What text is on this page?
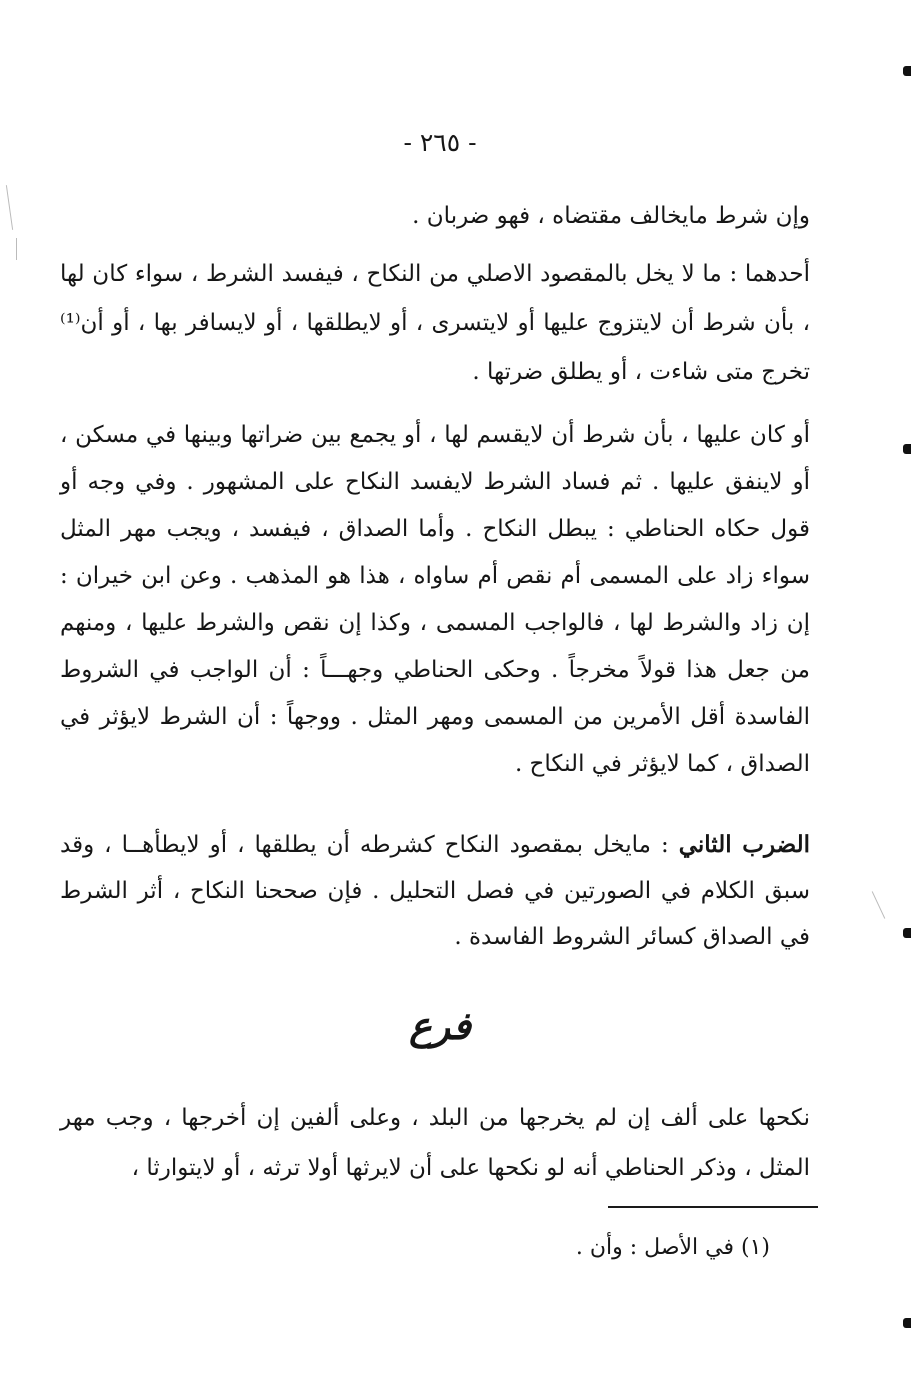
- ٢٦٥ -

وإن شرط مايخالف مقتضاه ، فهو ضربان .

أحدهما : ما لا يخل بالمقصود الاصلي من النكاح ، فيفسد الشرط ، سواء كان لها ، بأن شرط أن لايتزوج عليها أو لايتسرى ، أو لايطلقها ، أو لايسافر بها ، أو أن⁽¹⁾ تخرج متى شاءت ، أو يطلق ضرتها .

أو كان عليها ، بأن شرط أن لايقسم لها ، أو يجمع بين ضراتها وبينها في مسكن ، أو لاينفق عليها . ثم فساد الشرط لايفسد النكاح على المشهور . وفي وجه أو قول حكاه الحناطي : يبطل النكاح . وأما الصداق ، فيفسد ، ويجب مهر المثل سواء زاد على المسمى أم نقص أم ساواه ، هذا هو المذهب . وعن ابن خيران : إن زاد والشرط لها ، فالواجب المسمى ، وكذا إن نقص والشرط عليها ، ومنهم من جعل هذا قولاً مخرجاً . وحكى الحناطي وجهـــاً : أن الواجب في الشروط الفاسدة أقل الأمرين من المسمى ومهر المثل . ووجهاً : أن الشرط لايؤثر في الصداق ، كما لايؤثر في النكاح .

الضرب الثاني : مايخل بمقصود النكاح كشرطه أن يطلقها ، أو لايطأهــا ، وقد سبق الكلام في الصورتين في فصل التحليل . فإن صححنا النكاح ، أثر الشرط في الصداق كسائر الشروط الفاسدة .

فرع

نكحها على ألف إن لم يخرجها من البلد ، وعلى ألفين إن أخرجها ، وجب مهر المثل ، وذكر الحناطي أنه لو نكحها على أن لايرثها أولا ترثه ، أو لايتوارثا ،

(١) في الأصل : وأن .
